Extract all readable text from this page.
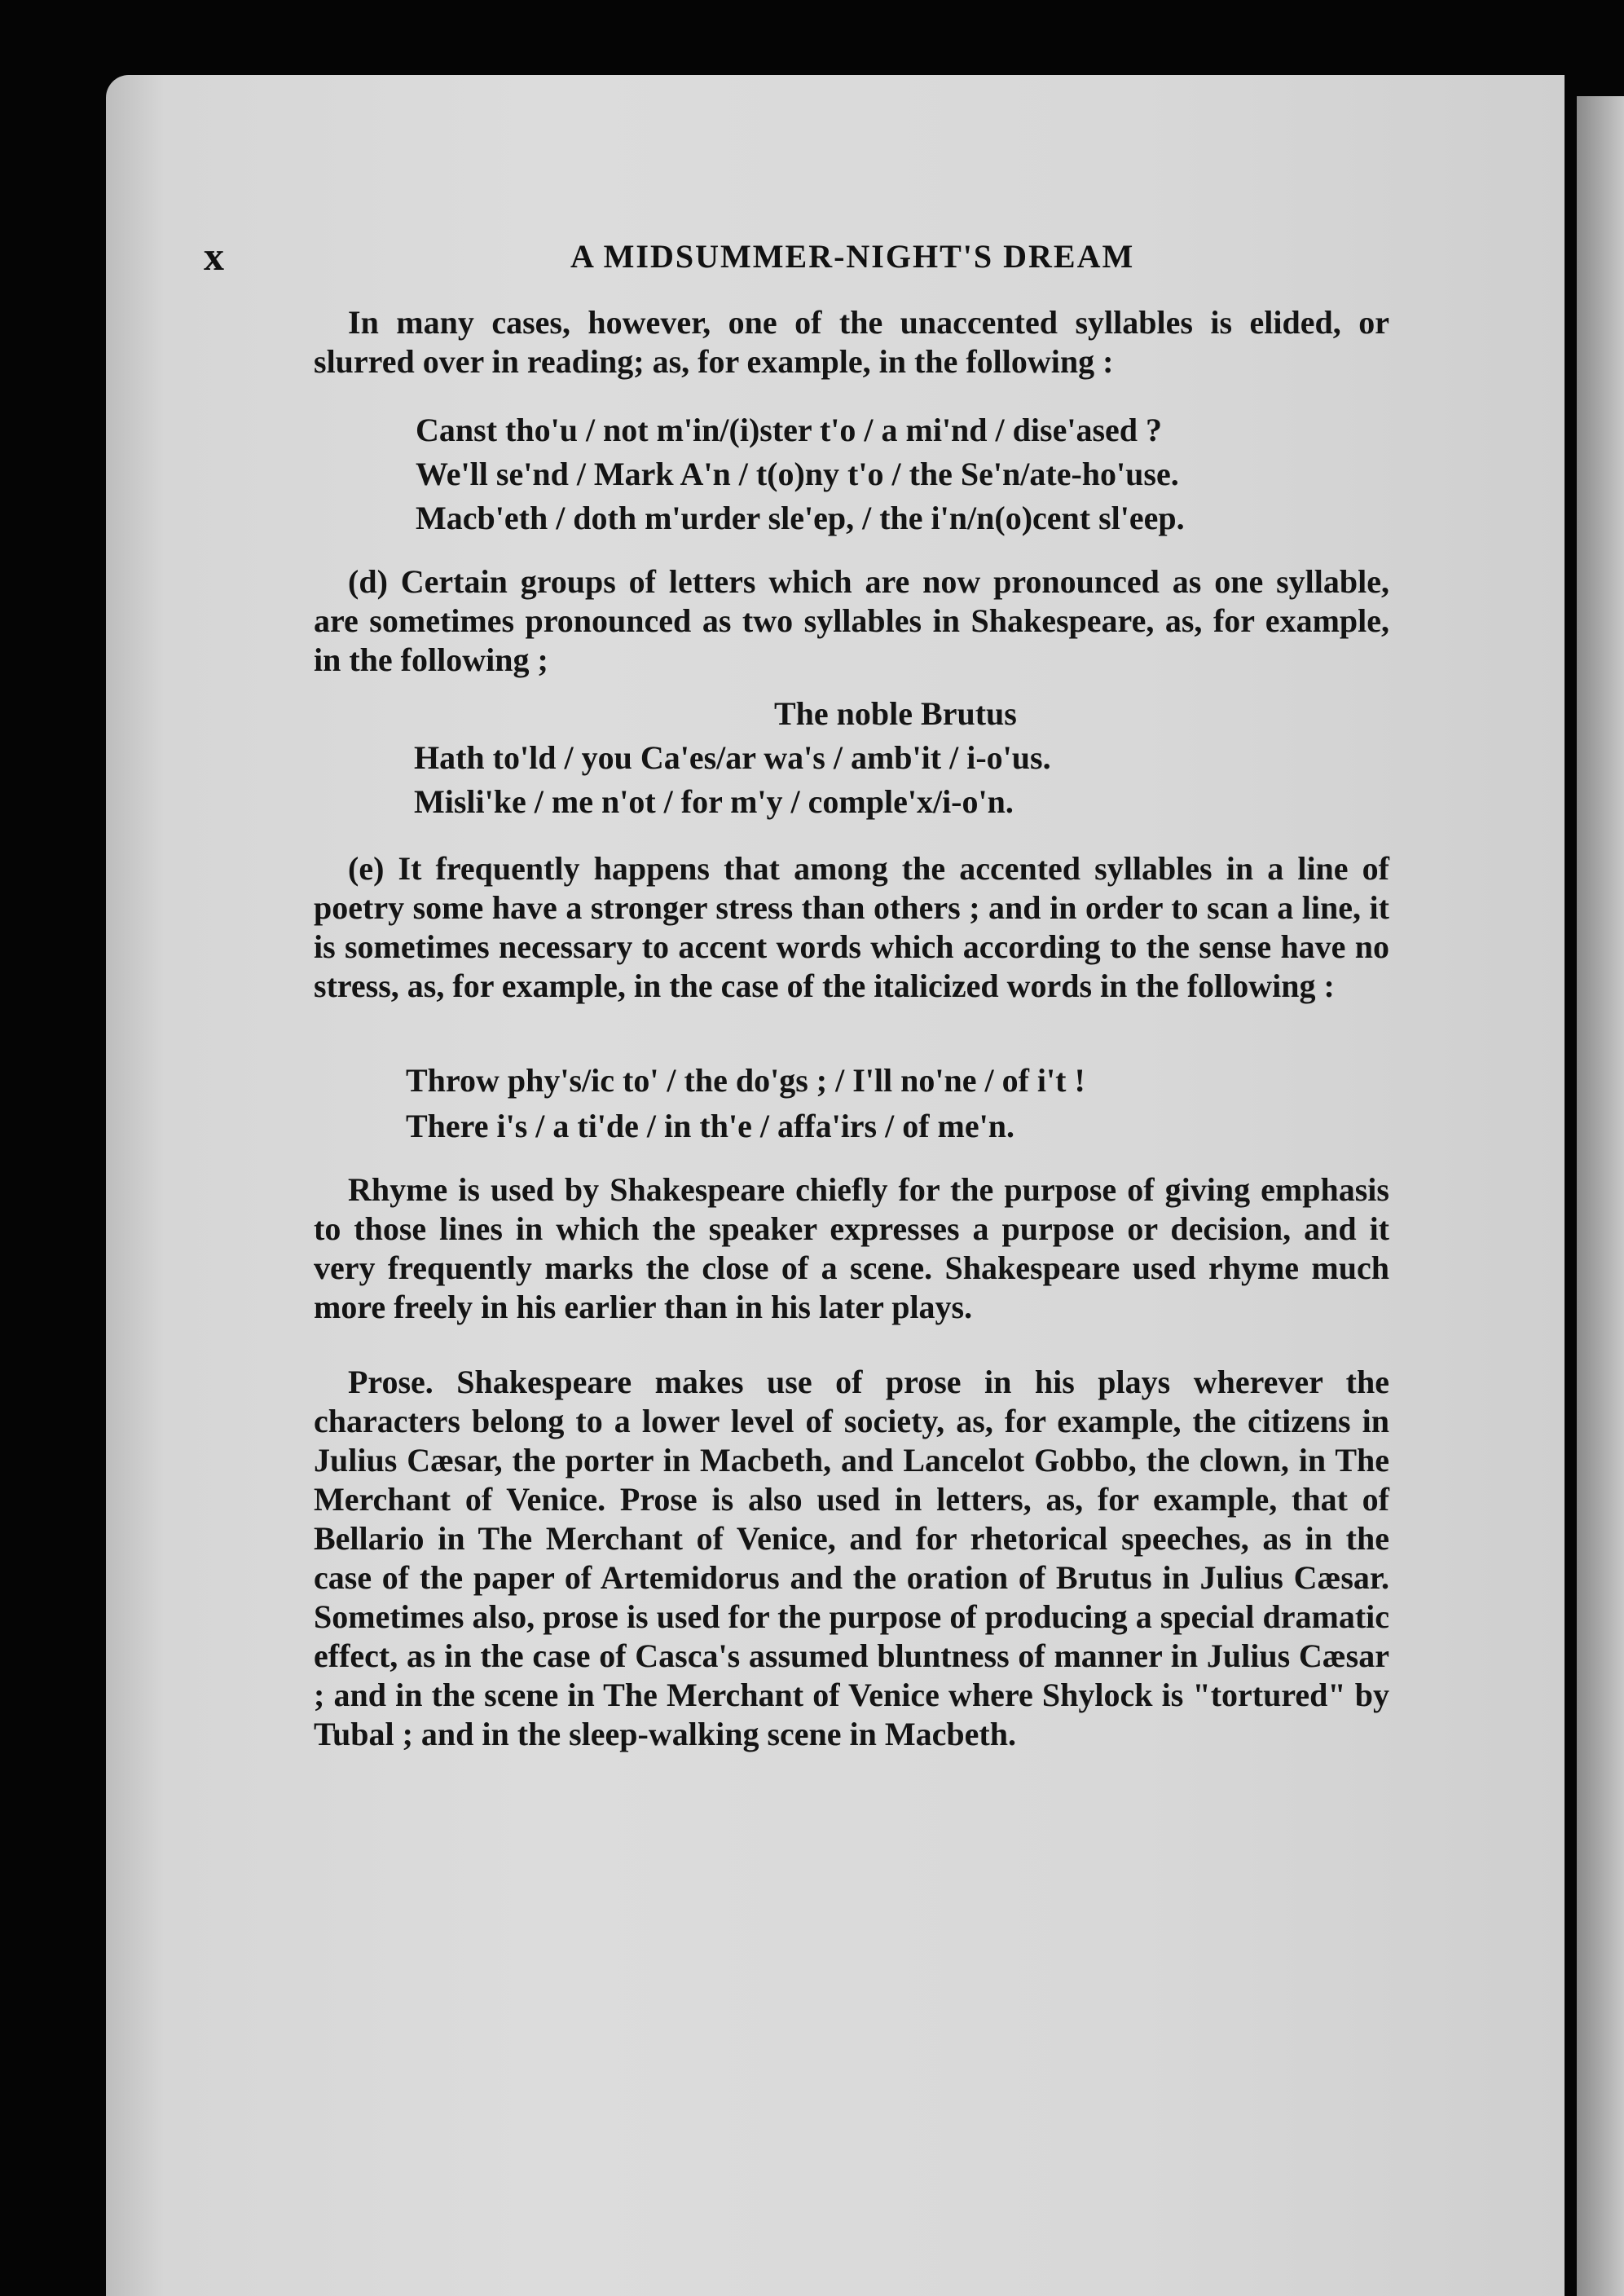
x	A MIDSUMMER-NIGHT'S DREAM

In many cases, however, one of the unaccented syllables is elided, or slurred over in reading; as, for example, in the following :

Canst tho'u / not m'in/(i)ster t'o / a mi'nd / dise'ased ?
We'll se'nd / Mark A'n / t(o)ny t'o / the Se'n/ate-ho'use.
Macb'eth / doth m'urder sle'ep, / the i'n/n(o)cent sl'eep.

(d) Certain groups of letters which are now pronounced as one syllable, are sometimes pronounced as two syllables in Shakespeare, as, for example, in the following ;

The noble Brutus
Hath to'ld / you Ca'es/ar wa's / amb'it / i-o'us.
Misli'ke / me n'ot / for m'y / comple'x/i-o'n.

(e) It frequently happens that among the accented syllables in a line of poetry some have a stronger stress than others ; and in order to scan a line, it is sometimes necessary to accent words which according to the sense have no stress, as, for example, in the case of the italicized words in the following :

Throw phy's/ic to' / the do'gs ; / I'll no'ne / of i't !
There i's / a ti'de / in th'e / affa'irs / of me'n.

Rhyme is used by Shakespeare chiefly for the purpose of giving emphasis to those lines in which the speaker expresses a purpose or decision, and it very frequently marks the close of a scene. Shakespeare used rhyme much more freely in his earlier than in his later plays.

Prose. Shakespeare makes use of prose in his plays wherever the characters belong to a lower level of society, as, for example, the citizens in Julius Cæsar, the porter in Macbeth, and Lancelot Gobbo, the clown, in The Merchant of Venice. Prose is also used in letters, as, for example, that of Bellario in The Merchant of Venice, and for rhetorical speeches, as in the case of the paper of Artemidorus and the oration of Brutus in Julius Cæsar. Sometimes also, prose is used for the purpose of producing a special dramatic effect, as in the case of Casca's assumed bluntness of manner in Julius Cæsar ; and in the scene in The Merchant of Venice where Shylock is "tortured" by Tubal ; and in the sleep-walking scene in Macbeth.
